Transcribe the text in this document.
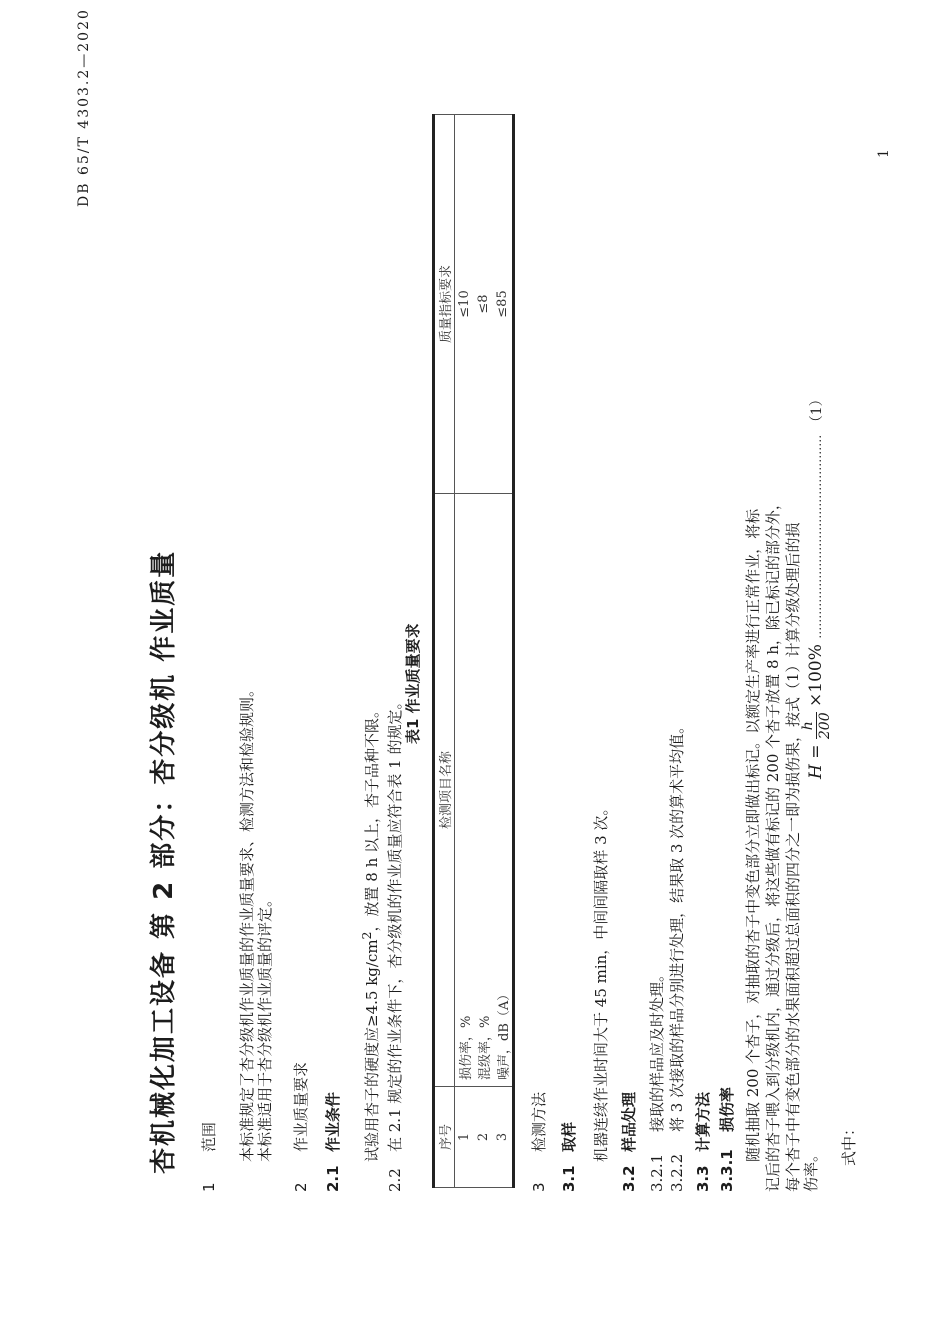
DB 65/T 4303.2—2020
杏机械化加工设备 第 2 部分：杏分级机 作业质量
1范围 本标准规定了杏分级机作业质量的作业质量要求、检测方法和检验规则。 本标准适用于杏分级机作业质量的评定。
2作业质量要求
2.1作业条件	试验用杏子的硬度应≥4.5 $kg/cm^2$，放置 8 h 以上，杏子品种不限。
2.2在 2.1 规定的作业条件下，杏分级机的作业质量应符合表 1 的规定。
表1 作业质量要求
序号	检测项目名称	质量指标要求
1	损伤率，%	≤10
2	混级率，%	≤8
3	噪声，dB（A）	≤85
3检测方法
3.1取样 机器连续作业时间大于 45 min，中间间隔取样 3 次。
3.2样品处理
3.2.1接取的样品应及时处理。
3.2.2将 3 次接取的样品分别进行处理，结果取 3 次的算术平均值。
3.3计算方法
3.3.1损伤率 随机抽取 200 个杏子，对抽取的杏子中变色部分立即做出标记。以额定生产率进行正常作业，将标 记后的杏子喂入到分级机内，通过分级后，将这些做有标记的 200 个杏子放置 8 h，除已标记的部分外， 每个杏子中有变色部分的水果面积超过总面积的四分之一即为损伤果，按式（1）计算分级处理后的损 伤率。
H =
h 200
×100% …………………………………………… （1）
式中：
1
